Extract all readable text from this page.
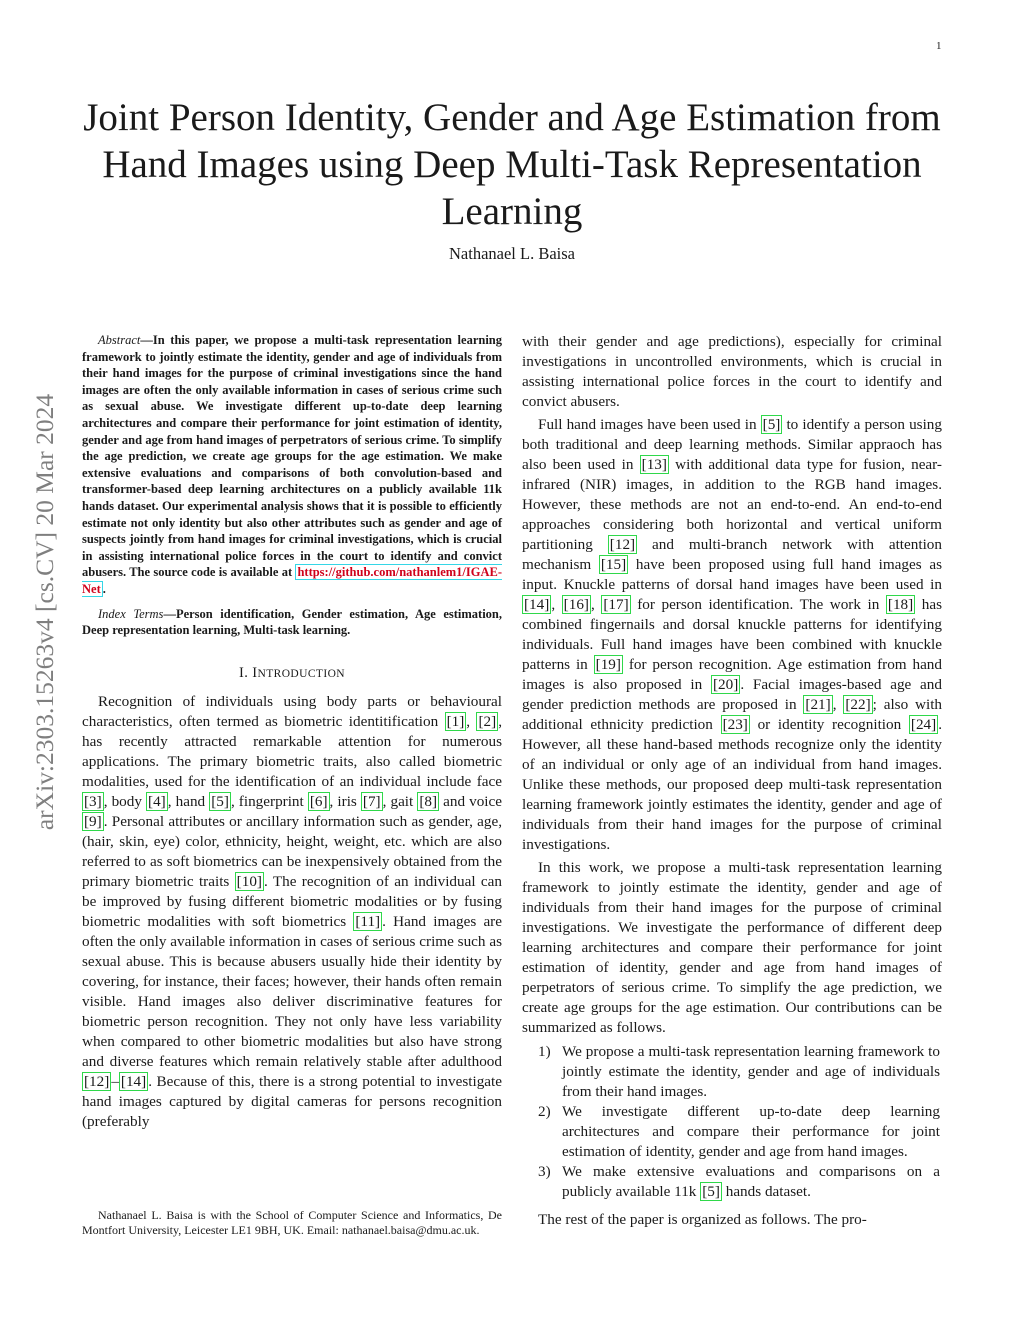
1
arXiv:2303.15263v4 [cs.CV] 20 Mar 2024
Joint Person Identity, Gender and Age Estimation from Hand Images using Deep Multi-Task Representation Learning
Nathanael L. Baisa

Abstract—In this paper, we propose a multi-task representation learning framework to jointly estimate the identity, gender and age of individuals from their hand images for the purpose of criminal investigations since the hand images are often the only available information in cases of serious crime such as sexual abuse. We investigate different up-to-date deep learning architectures and compare their performance for joint estimation of identity, gender and age from hand images of perpetrators of serious crime. To simplify the age prediction, we create age groups for the age estimation. We make extensive evaluations and comparisons of both convolution-based and transformer-based deep learning architectures on a publicly available 11k hands dataset. Our experimental analysis shows that it is possible to efficiently estimate not only identity but also other attributes such as gender and age of suspects jointly from hand images for criminal investigations, which is crucial in assisting international police forces in the court to identify and convict abusers. The source code is available at https://github.com/nathanlem1/IGAE-Net .

Index Terms—Person identification, Gender estimation, Age estimation, Deep representation learning, Multi-task learning.

I. INTRODUCTION

Recognition of individuals using body parts or behavioural characteristics, often termed as biometric identitification [1] , [2] , has recently attracted remarkable attention for numerous applications. The primary biometric traits, also called biometric modalities, used for the identification of an individual include face [3] , body [4] , hand [5] , fingerprint [6] , iris [7] , gait [8] and voice [9] . Personal attributes or ancillary information such as gender, age, (hair, skin, eye) color, ethnicity, height, weight, etc. which are also referred to as soft biometrics can be inexpensively obtained from the primary biometric traits [10] . The recognition of an individual can be improved by fusing different biometric modalities or by fusing biometric modalities with soft biometrics [11] . Hand images are often the only available information in cases of serious crime such as sexual abuse. This is because abusers usually hide their identity by covering, for instance, their faces; however, their hands often remain visible. Hand images also deliver discriminative features for biometric person recognition. They not only have less variability when compared to other biometric modalities but also have strong and diverse features which remain relatively stable after adulthood [12] – [14] . Because of this, there is a strong potential to investigate hand images captured by digital cameras for persons recognition (preferably

Nathanael L. Baisa is with the School of Computer Science and Informatics, De Montfort University, Leicester LE1 9BH, UK. Email: nathanael.baisa@dmu.ac.uk.

with their gender and age predictions), especially for criminal investigations in uncontrolled environments, which is crucial in assisting international police forces in the court to identify and convict abusers.

Full hand images have been used in [5] to identify a person using both traditional and deep learning methods. Similar appraoch has also been used in [13] with additional data type for fusion, near-infrared (NIR) images, in addition to the RGB hand images. However, these methods are not an end-to-end. An end-to-end approaches considering both horizontal and vertical uniform partitioning [12] and multi-branch network with attention mechanism [15] have been proposed using full hand images as input. Knuckle patterns of dorsal hand images have been used in [14] , [16] , [17] for person identification. The work in [18] has combined fingernails and dorsal knuckle patterns for identifying individuals. Full hand images have been combined with knuckle patterns in [19] for person recognition. Age estimation from hand images is also proposed in [20] . Facial images-based age and gender prediction methods are proposed in [21] , [22] ; also with additional ethnicity prediction [23] or identity recognition [24] . However, all these hand-based methods recognize only the identity of an individual or only age of an individual from hand images. Unlike these methods, our proposed deep multi-task representation learning framework jointly estimates the identity, gender and age of individuals from their hand images for the purpose of criminal investigations.

In this work, we propose a multi-task representation learning framework to jointly estimate the identity, gender and age of individuals from their hand images for the purpose of criminal investigations. We investigate the performance of different deep learning architectures and compare their performance for joint estimation of identity, gender and age from hand images of perpetrators of serious crime. To simplify the age prediction, we create age groups for the age estimation. Our contributions can be summarized as follows.

1) We propose a multi-task representation learning framework to jointly estimate the identity, gender and age of individuals from their hand images.
2) We investigate different up-to-date deep learning architectures and compare their performance for joint estimation of identity, gender and age from hand images.
3) We make extensive evaluations and comparisons on a publicly available 11k [5] hands dataset.

The rest of the paper is organized as follows. The pro-
